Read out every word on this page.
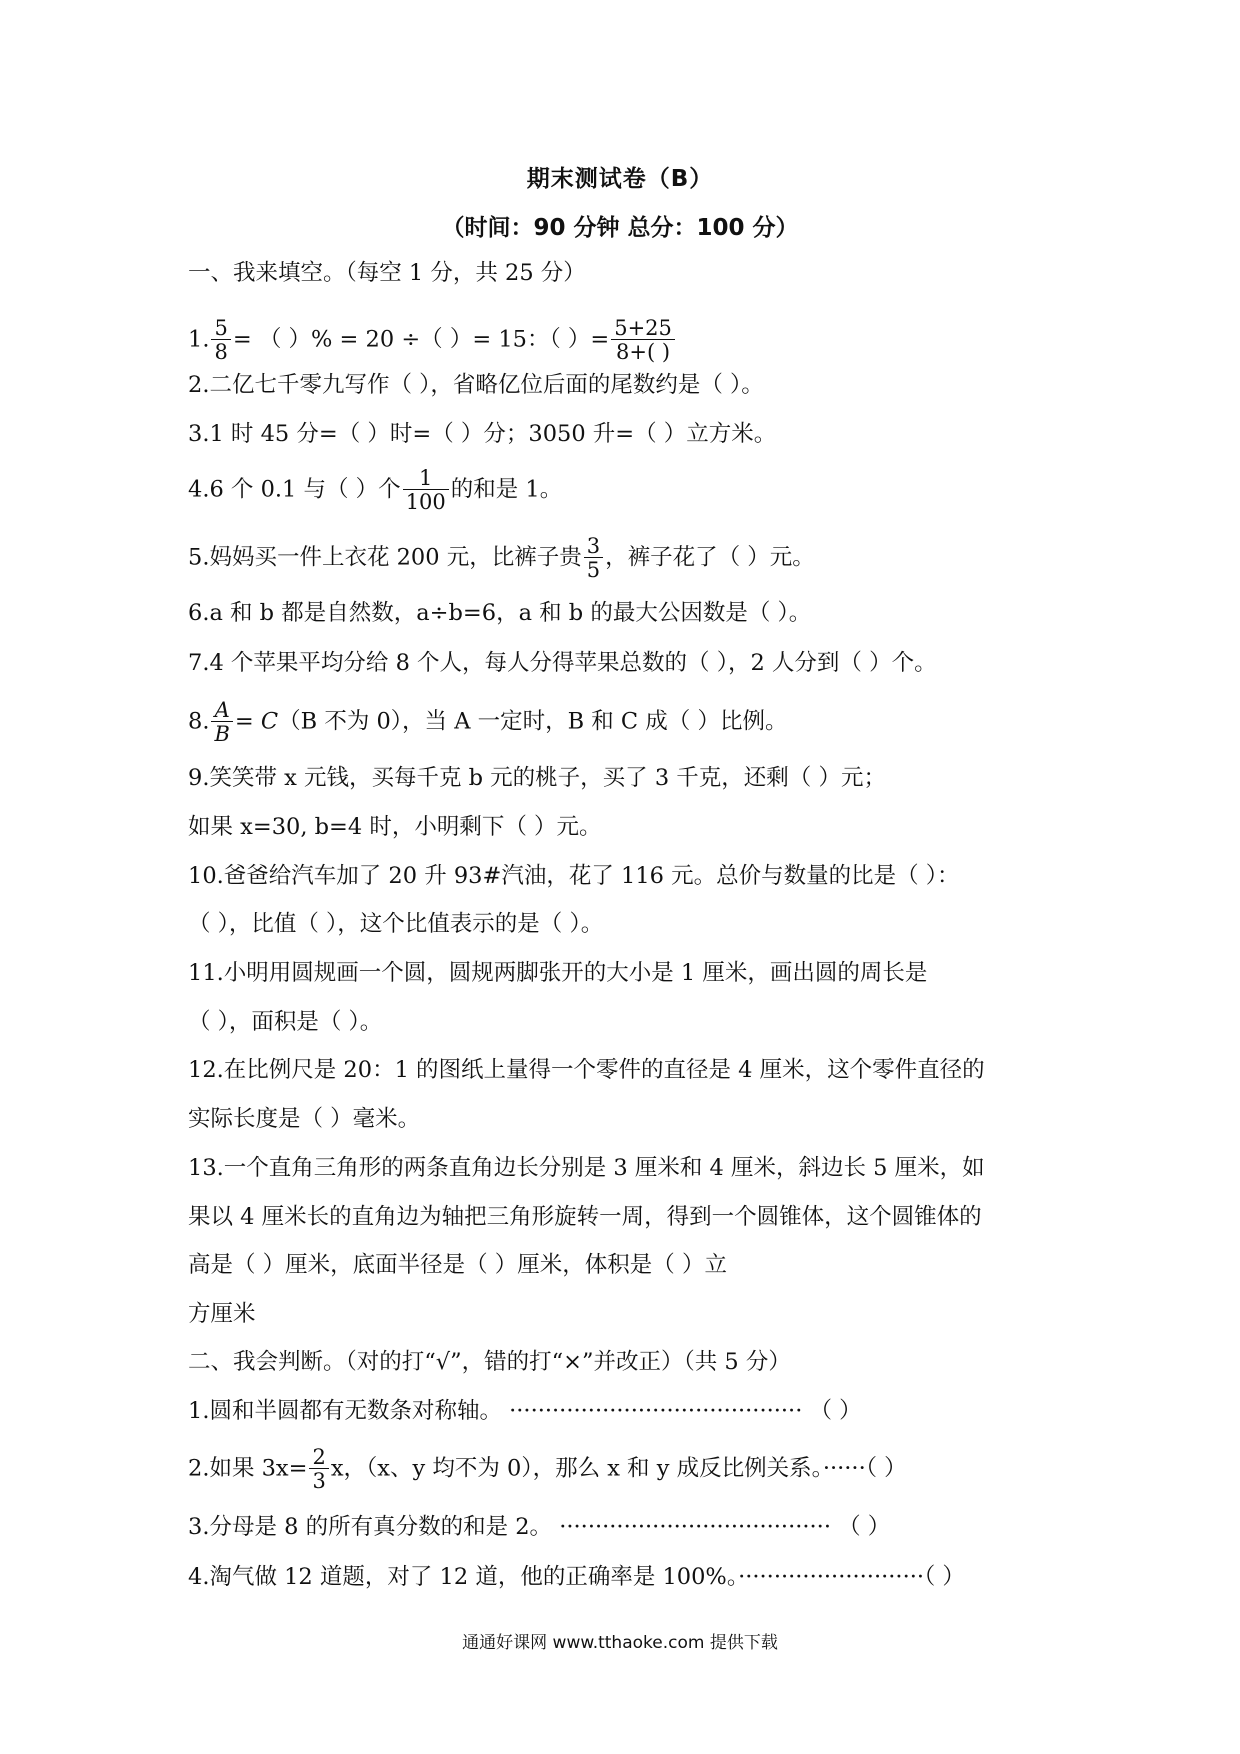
期末测试卷（B）
（时间：90 分钟 总分：100 分）
一、我来填空。（每空 1 分，共 25 分）
1. $\frac{5}{8}$ = （ ）% = 20 ÷（ ）= 15：（ ）= $\frac{5+25}{8+( )}$
2.二亿七千零九写作（ ），省略亿位后面的尾数约是（ ）。
3.1 时 45 分=（ ）时=（ ）分；3050 升=（ ）立方米。
4.6 个 0.1 与（ ）个 $\frac{1}{100}$ 的和是 1。
5.妈妈买一件上衣花 200 元，比裤子贵 $\frac{3}{5}$ ，裤子花了（ ）元。
6.a 和 b 都是自然数，a÷b=6，a 和 b 的最大公因数是（ ）。
7.4 个苹果平均分给 8 个人，每人分得苹果总数的（ ），2 人分到（ ）个。
8. $\frac{A}{B} = C(B$ 不为 0），当 A 一定时，B 和 C 成（ ）比例。
9.笑笑带 x 元钱，买每千克 b 元的桃子，买了 3 千克，还剩（ ）元；
如果 x=30, b=4 时，小明剩下（ ）元。
10.爸爸给汽车加了 20 升 93#汽油，花了 116 元。总价与数量的比是（ ）：
（ ），比值（ ），这个比值表示的是（ ）。
11.小明用圆规画一个圆，圆规两脚张开的大小是 1 厘米，画出圆的周长是
（ ），面积是（ ）。
12.在比例尺是 20：1 的图纸上量得一个零件的直径是 4 厘米，这个零件直径的
实际长度是（ ）毫米。
13.一个直角三角形的两条直角边长分别是 3 厘米和 4 厘米，斜边长 5 厘米，如
果以 4 厘米长的直角边为轴把三角形旋转一周，得到一个圆锥体，这个圆锥体的
高是（ ）厘米，底面半径是（ ）厘米，体积是（ ）立
方厘米
二、我会判断。（对的打“√”，错的打“×”并改正）（共 5 分）
1.圆和半圆都有无数条对称轴。 ········································· （ ）
2.如果 $3x= \frac{2}{3}$ x，（x、y 均不为 0），那么 x 和 y 成反比例关系。······（ ）
3.分母是 8 的所有真分数的和是 2。 ······································ （ ）
4.淘气做 12 道题，对了 12 道，他的正确率是 100%。··························（ ）
通通好课网 www.tthaoke.com 提供下载
